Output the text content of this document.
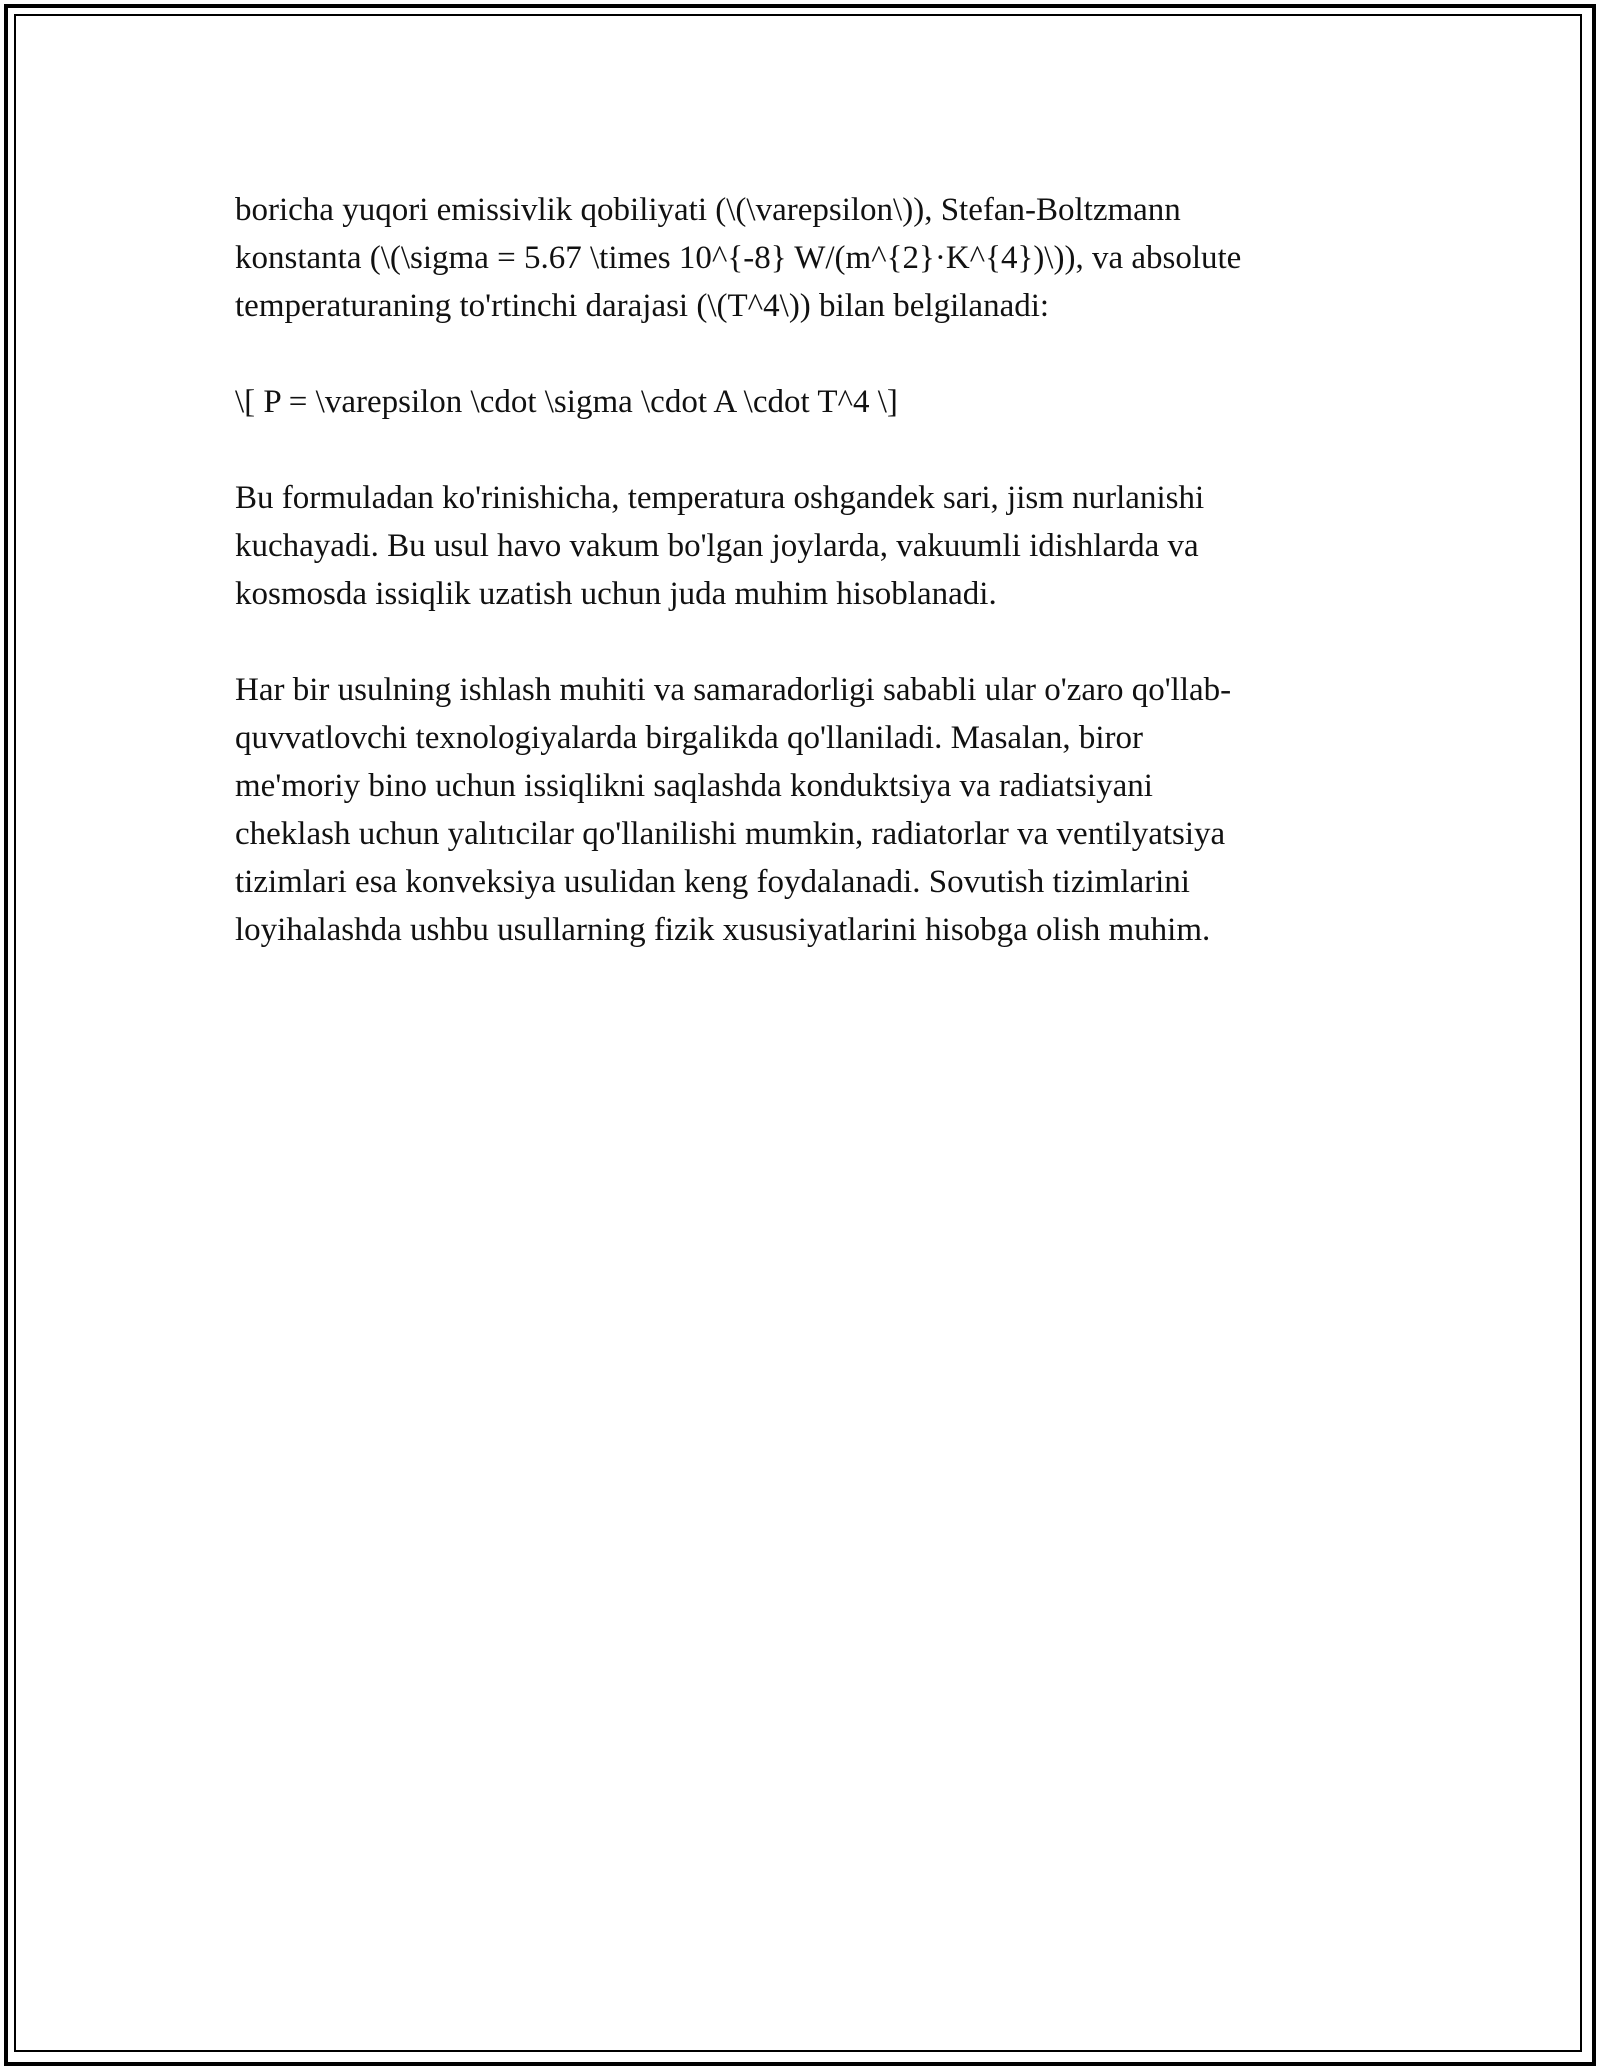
boricha yuqori emissivlik qobiliyati (\(\varepsilon\)), Stefan-Boltzmann
konstanta (\(\sigma = 5.67 \times 10^{-8} W/(m^{2}·K^{4})\)), va absolute
temperaturaning to'rtinchi darajasi (\(T^4\)) bilan belgilanadi:

\[ P = \varepsilon \cdot \sigma \cdot A \cdot T^4 \]

Bu formuladan ko'rinishicha, temperatura oshgandek sari, jism nurlanishi
kuchayadi. Bu usul havo vakum bo'lgan joylarda, vakuumli idishlarda va
kosmosda issiqlik uzatish uchun juda muhim hisoblanadi.

Har bir usulning ishlash muhiti va samaradorligi sababli ular o'zaro qo'llab-
quvvatlovchi texnologiyalarda birgalikda qo'llaniladi. Masalan, biror
me'moriy bino uchun issiqlikni saqlashda konduktsiya va radiatsiyani
cheklash uchun yalıtıcilar qo'llanilishi mumkin, radiatorlar va ventilyatsiya
tizimlari esa konveksiya usulidan keng foydalanadi. Sovutish tizimlarini
loyihalashda ushbu usullarning fizik xususiyatlarini hisobga olish muhim.
